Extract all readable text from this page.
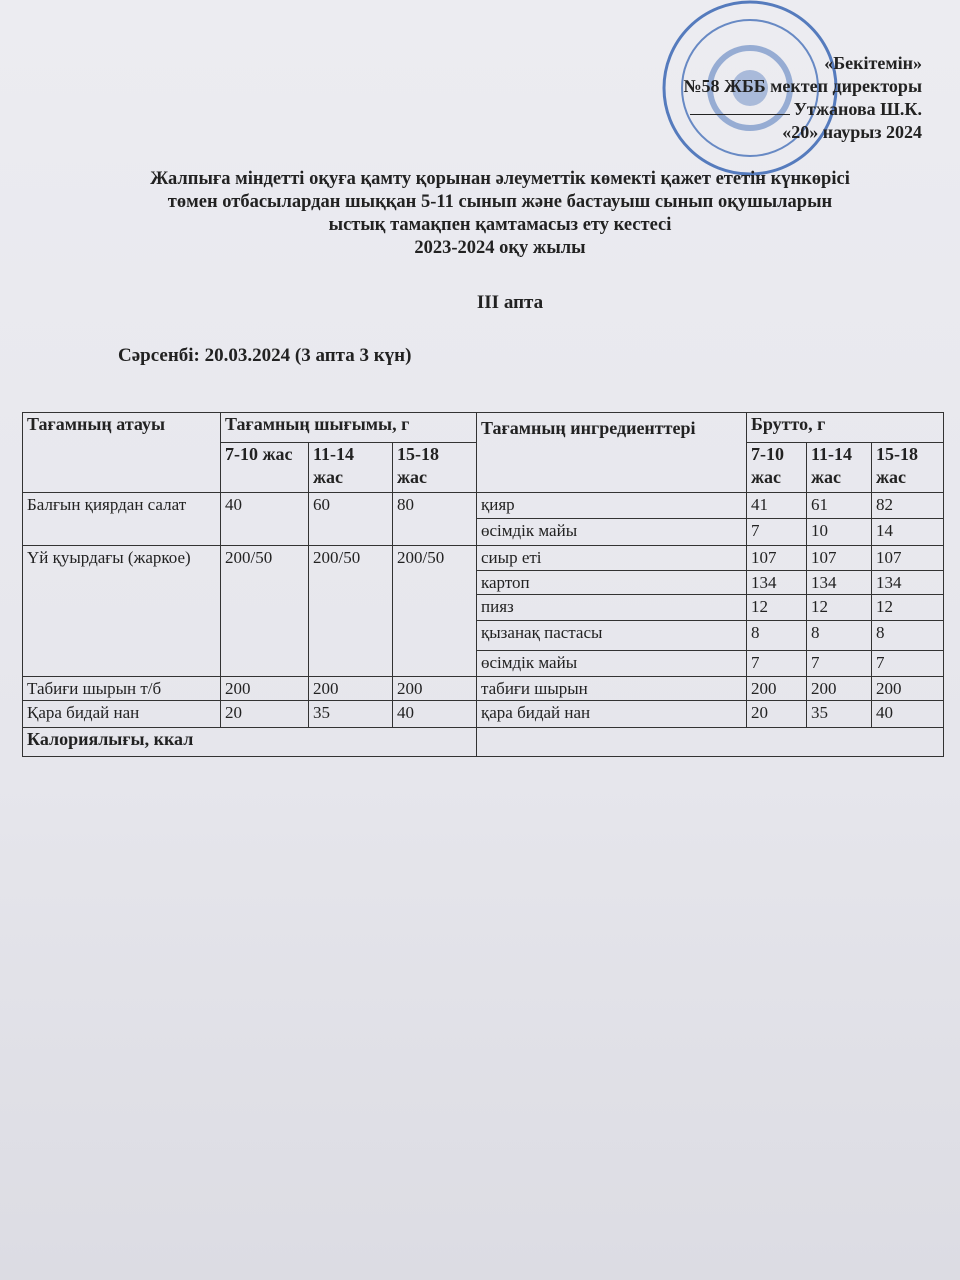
«Бекітемін»
№58 ЖББ мектеп директоры
Утжанова Ш.К.
«20» наурыз 2024
Жалпыға міндетті оқуға қамту қорынан әлеуметтік көмекті қажет ететін күнкөрісі
төмен отбасылардан шыққан 5-11 сынып және бастауыш сынып оқушыларын
ыстық тамақпен қамтамасыз ету кестесі
2023-2024 оқу жылы
ІІІ апта
Сәрсенбі: 20.03.2024 (3 апта 3 күн)
Тағамның атауы	Тағамның шығымы, г			Тағамның ингредиенттері	Брутто, г		
	7-10 жас	11-14 жас	15-18 жас		7-10 жас	11-14 жас	15-18 жас
Балғын қиярдан салат	40	60	80	қияр	41	61	82
				өсімдік майы	7	10	14
Үй қуырдағы (жаркое)	200/50	200/50	200/50	сиыр еті	107	107	107
				картоп	134	134	134
				пияз	12	12	12
				қызанақ пастасы	8	8	8
				өсімдік майы	7	7	7
Табиғи шырын т/б	200	200	200	табиғи шырын	200	200	200
Қара бидай нан	20	35	40	қара бидай нан	20	35	40
Калориялығы, ккал							
